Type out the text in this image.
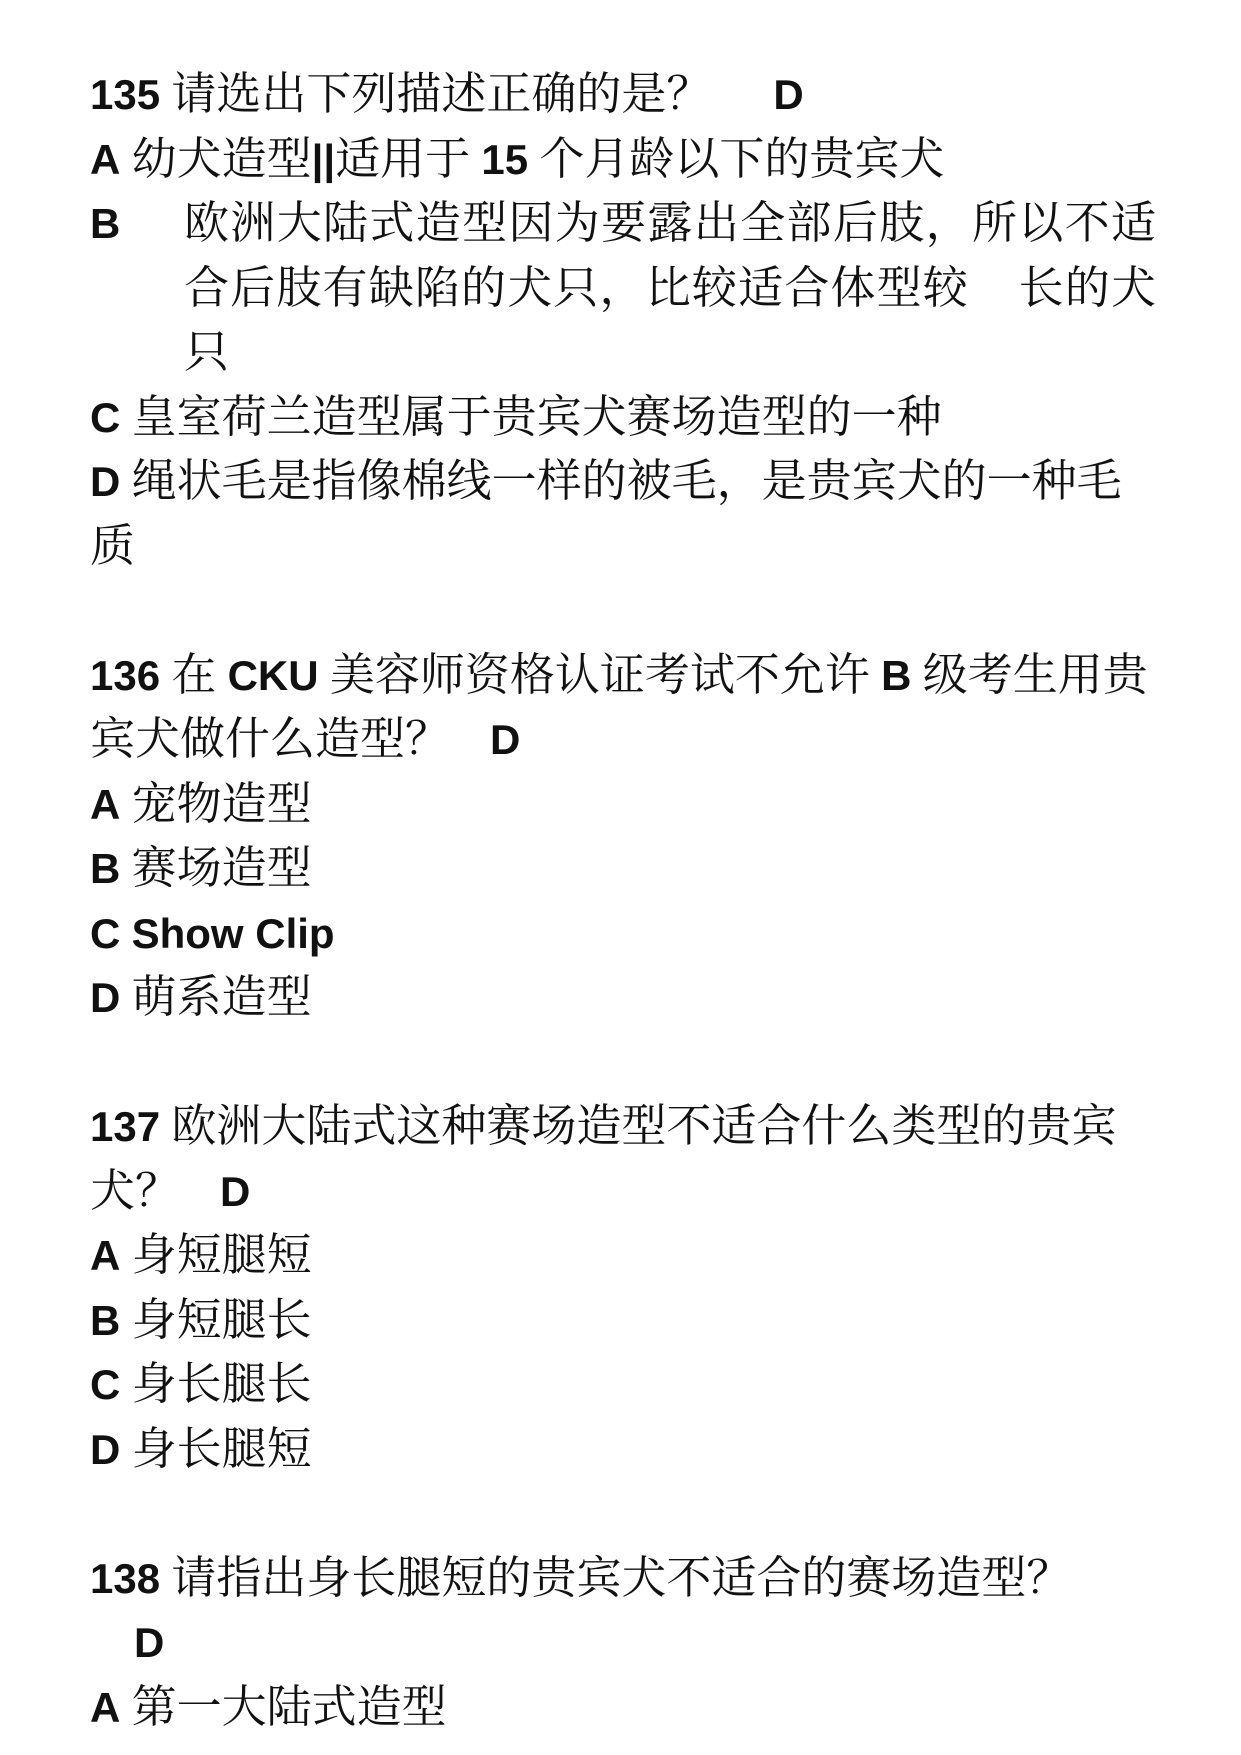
135 请选出下列描述正确的是？ D
A 幼犬造型||适用于 15 个月龄以下的贵宾犬
B	欧洲大陆式造型因为要露出全部后肢，所以不适合后肢有缺陷的犬只，比较适合体型较    长的犬只
C 皇室荷兰造型属于贵宾犬赛场造型的一种
D 绳状毛是指像棉线一样的被毛，是贵宾犬的一种毛质
136 在 CKU 美容师资格认证考试不允许 B 级考生用贵宾犬做什么造型？ D
A 宠物造型
B 赛场造型
C Show Clip
D 萌系造型
137 欧洲大陆式这种赛场造型不适合什么类型的贵宾犬？ D
A 身短腿短
B 身短腿长
C 身长腿长
D 身长腿短
138 请指出身长腿短的贵宾犬不适合的赛场造型？
D
A 第一大陆式造型
